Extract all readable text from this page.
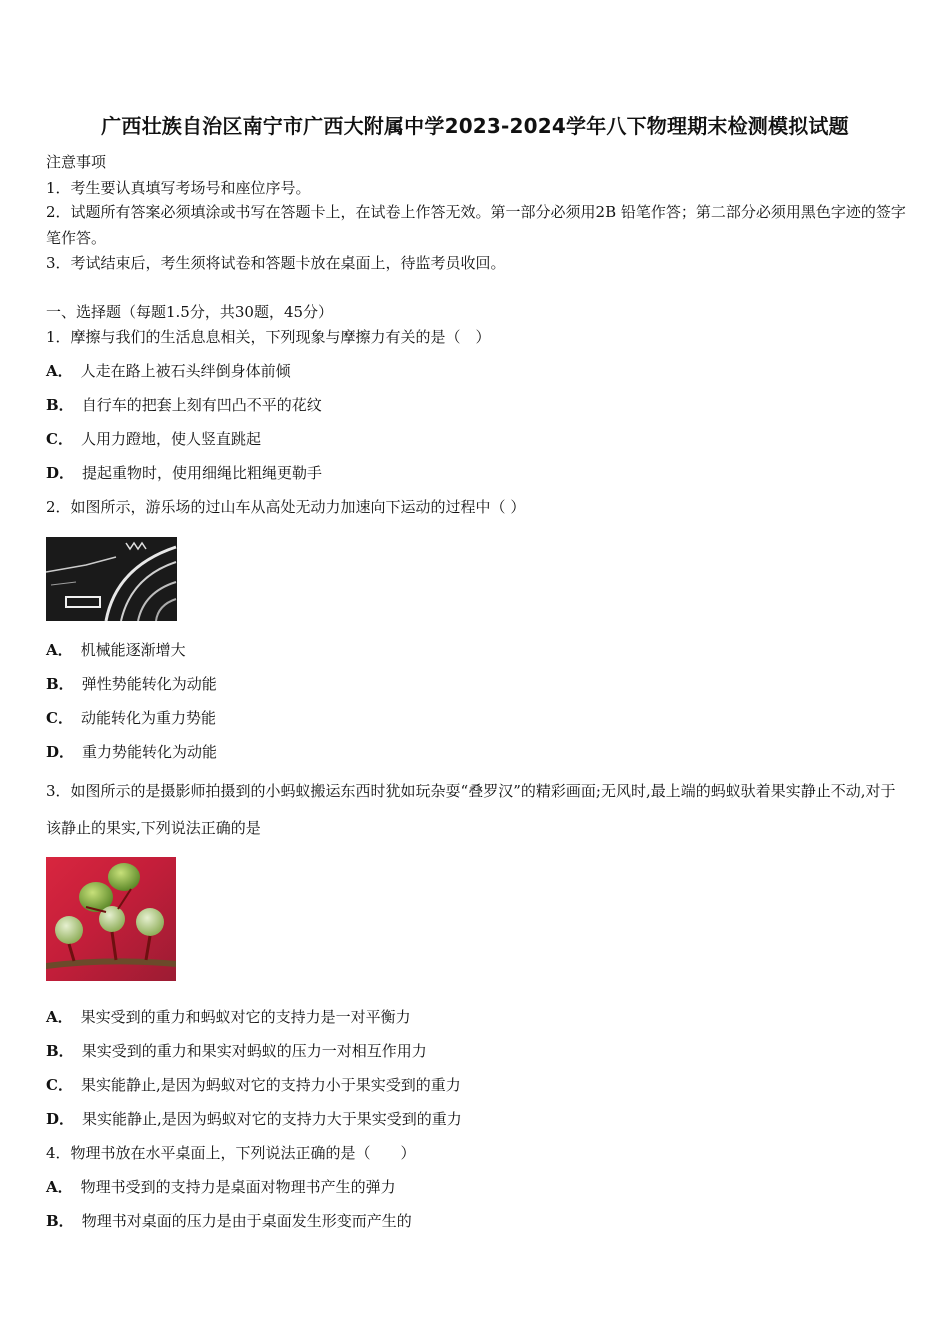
广西壮族自治区南宁市广西大附属中学2023-2024学年八下物理期末检测模拟试题
注意事项
1．考生要认真填写考场号和座位序号。
2．试题所有答案必须填涂或书写在答题卡上，在试卷上作答无效。第一部分必须用2B 铅笔作答；第二部分必须用黑色字迹的签字笔作答。
3．考试结束后，考生须将试卷和答题卡放在桌面上，待监考员收回。
一、选择题（每题1.5分，共30题，45分）
1．摩擦与我们的生活息息相关，下列现象与摩擦力有关的是（　）
A． 人走在路上被石头绊倒身体前倾
B． 自行车的把套上刻有凹凸不平的花纹
C． 人用力蹬地，使人竖直跳起
D． 提起重物时，使用细绳比粗绳更勒手
2．如图所示，游乐场的过山车从高处无动力加速向下运动的过程中（ ）
A． 机械能逐渐增大
B． 弹性势能转化为动能
C． 动能转化为重力势能
D． 重力势能转化为动能
3．如图所示的是摄影师拍摄到的小蚂蚁搬运东西时犹如玩杂耍“叠罗汉”的精彩画面;无风时,最上端的蚂蚁驮着果实静止不动,对于该静止的果实,下列说法正确的是
A． 果实受到的重力和蚂蚁对它的支持力是一对平衡力
B． 果实受到的重力和果实对蚂蚁的压力一对相互作用力
C． 果实能静止,是因为蚂蚁对它的支持力小于果实受到的重力
D． 果实能静止,是因为蚂蚁对它的支持力大于果实受到的重力
4．物理书放在水平桌面上，下列说法正确的是（　　）
A． 物理书受到的支持力是桌面对物理书产生的弹力
B． 物理书对桌面的压力是由于桌面发生形变而产生的
